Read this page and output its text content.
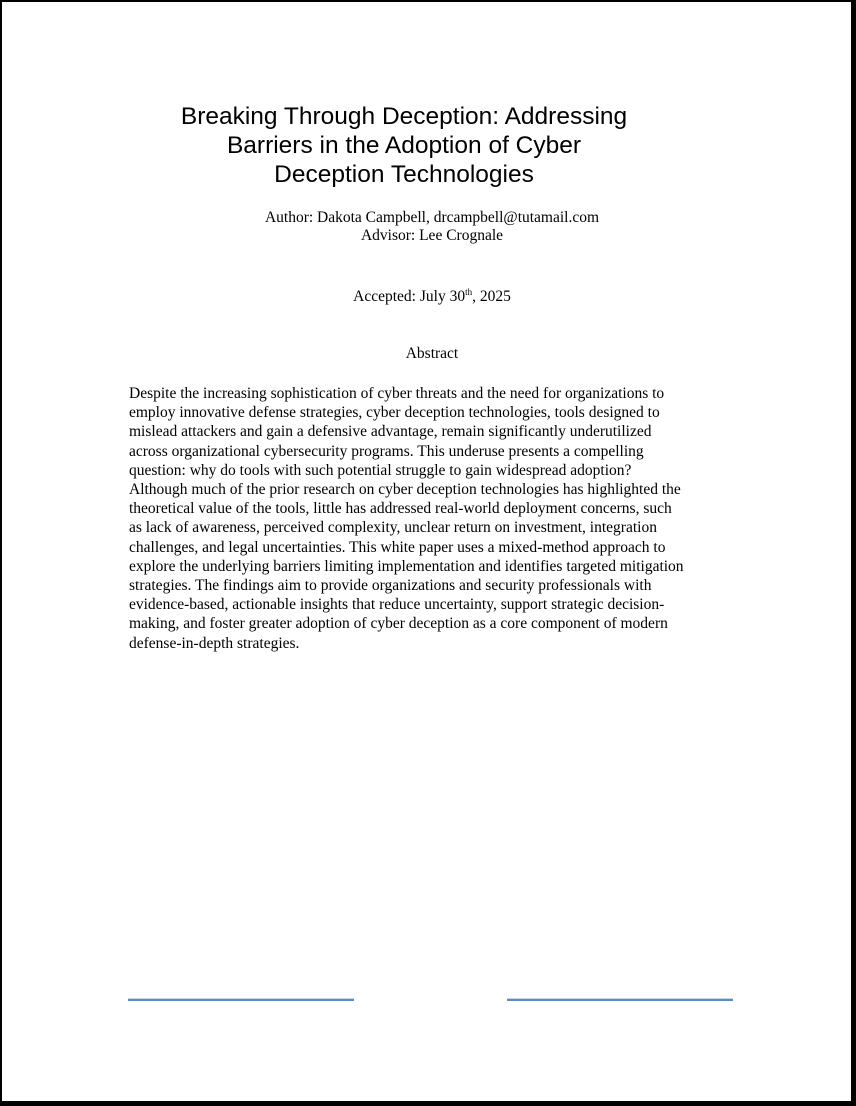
Breaking Through Deception: Addressing
Barriers in the Adoption of Cyber
Deception Technologies
Author: Dakota Campbell, drcampbell@tutamail.com
Advisor: Lee Crognale
Accepted: July 30th, 2025
Abstract
Despite the increasing sophistication of cyber threats and the need for organizations to
employ innovative defense strategies, cyber deception technologies, tools designed to
mislead attackers and gain a defensive advantage, remain significantly underutilized
across organizational cybersecurity programs. This underuse presents a compelling
question: why do tools with such potential struggle to gain widespread adoption?
Although much of the prior research on cyber deception technologies has highlighted the
theoretical value of the tools, little has addressed real-world deployment concerns, such
as lack of awareness, perceived complexity, unclear return on investment, integration
challenges, and legal uncertainties. This white paper uses a mixed-method approach to
explore the underlying barriers limiting implementation and identifies targeted mitigation
strategies. The findings aim to provide organizations and security professionals with
evidence-based, actionable insights that reduce uncertainty, support strategic decision-
making, and foster greater adoption of cyber deception as a core component of modern
defense-in-depth strategies.
